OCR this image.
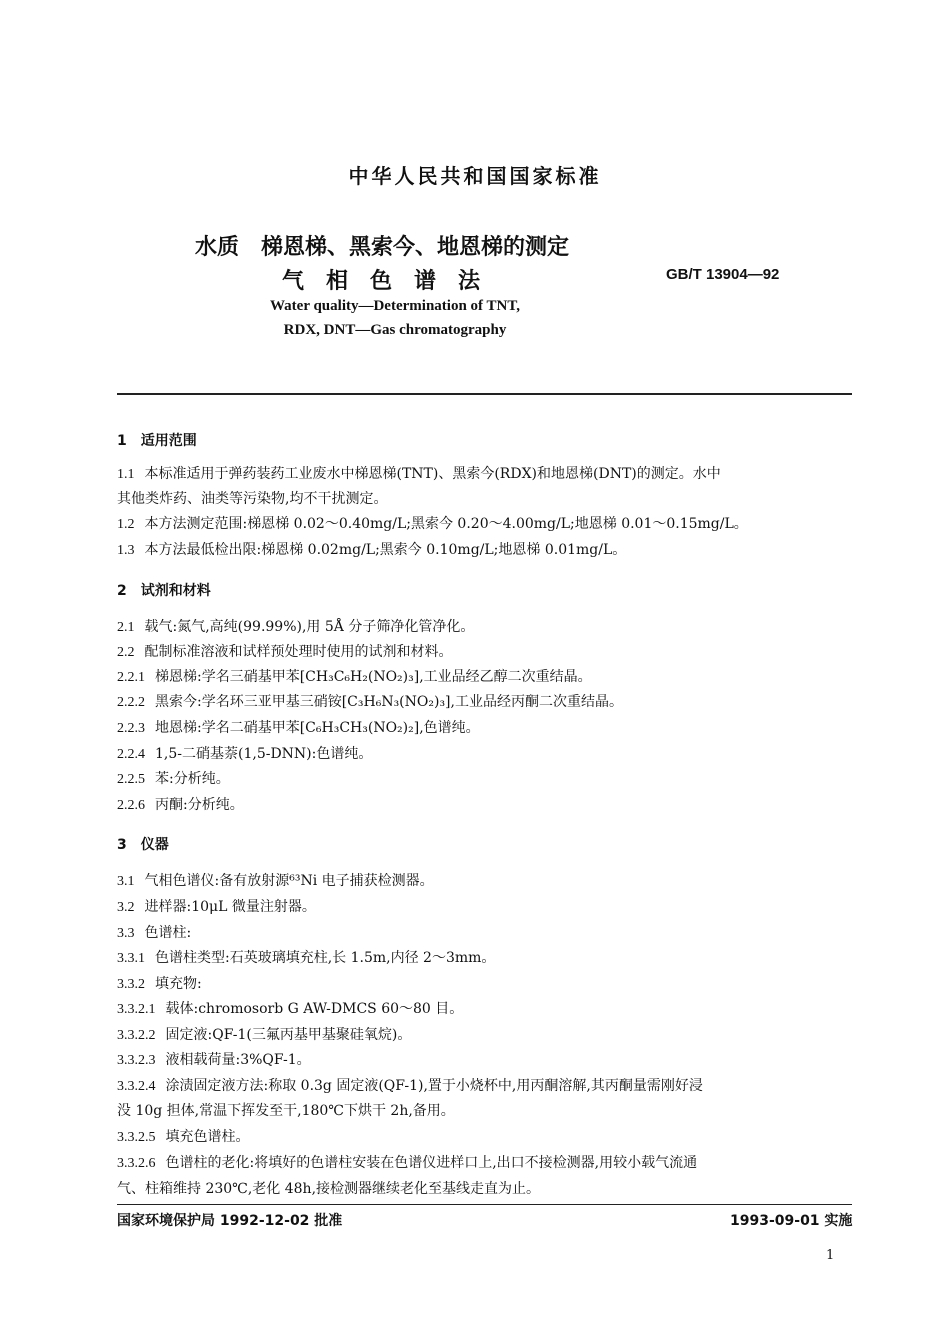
中华人民共和国国家标准
水质　梯恩梯、黑索今、地恩梯的测定
气相色谱法	GB/T 13904—92
Water quality—Determination of TNT,
RDX, DNT—Gas chromatography
1　适用范围
1.1 本标准适用于弹药装药工业废水中梯恩梯(TNT)、黑索今(RDX)和地恩梯(DNT)的测定。水中
其他类炸药、油类等污染物,均不干扰测定。
1.2 本方法测定范围:梯恩梯 0.02～0.40mg/L;黑索今 0.20～4.00mg/L;地恩梯 0.01～0.15mg/L。
1.3 本方法最低检出限:梯恩梯 0.02mg/L;黑索今 0.10mg/L;地恩梯 0.01mg/L。
2　试剂和材料
2.1 载气:氮气,高纯(99.99%),用 5Å 分子筛净化管净化。
2.2 配制标准溶液和试样预处理时使用的试剂和材料。
2.2.1 梯恩梯:学名三硝基甲苯[CH₃C₆H₂(NO₂)₃],工业品经乙醇二次重结晶。
2.2.2 黑索今:学名环三亚甲基三硝铵[C₃H₆N₃(NO₂)₃],工业品经丙酮二次重结晶。
2.2.3 地恩梯:学名二硝基甲苯[C₆H₃CH₃(NO₂)₂],色谱纯。
2.2.4 1,5-二硝基萘(1,5-DNN):色谱纯。
2.2.5 苯:分析纯。
2.2.6 丙酮:分析纯。
3　仪器
3.1 气相色谱仪:备有放射源⁶³Ni 电子捕获检测器。
3.2 进样器:10μL 微量注射器。
3.3 色谱柱:
3.3.1 色谱柱类型:石英玻璃填充柱,长 1.5m,内径 2～3mm。
3.3.2 填充物:
3.3.2.1 载体:chromosorb G AW-DMCS 60～80 目。
3.3.2.2 固定液:QF-1(三氟丙基甲基聚硅氧烷)。
3.3.2.3 液相载荷量:3%QF-1。
3.3.2.4 涂渍固定液方法:称取 0.3g 固定液(QF-1),置于小烧杯中,用丙酮溶解,其丙酮量需刚好浸
没 10g 担体,常温下挥发至干,180℃下烘干 2h,备用。
3.3.2.5 填充色谱柱。
3.3.2.6 色谱柱的老化:将填好的色谱柱安装在色谱仪进样口上,出口不接检测器,用较小载气流通
气、柱箱维持 230℃,老化 48h,接检测器继续老化至基线走直为止。
国家环境保护局 1992-12-02 批准	1993-09-01 实施
1
